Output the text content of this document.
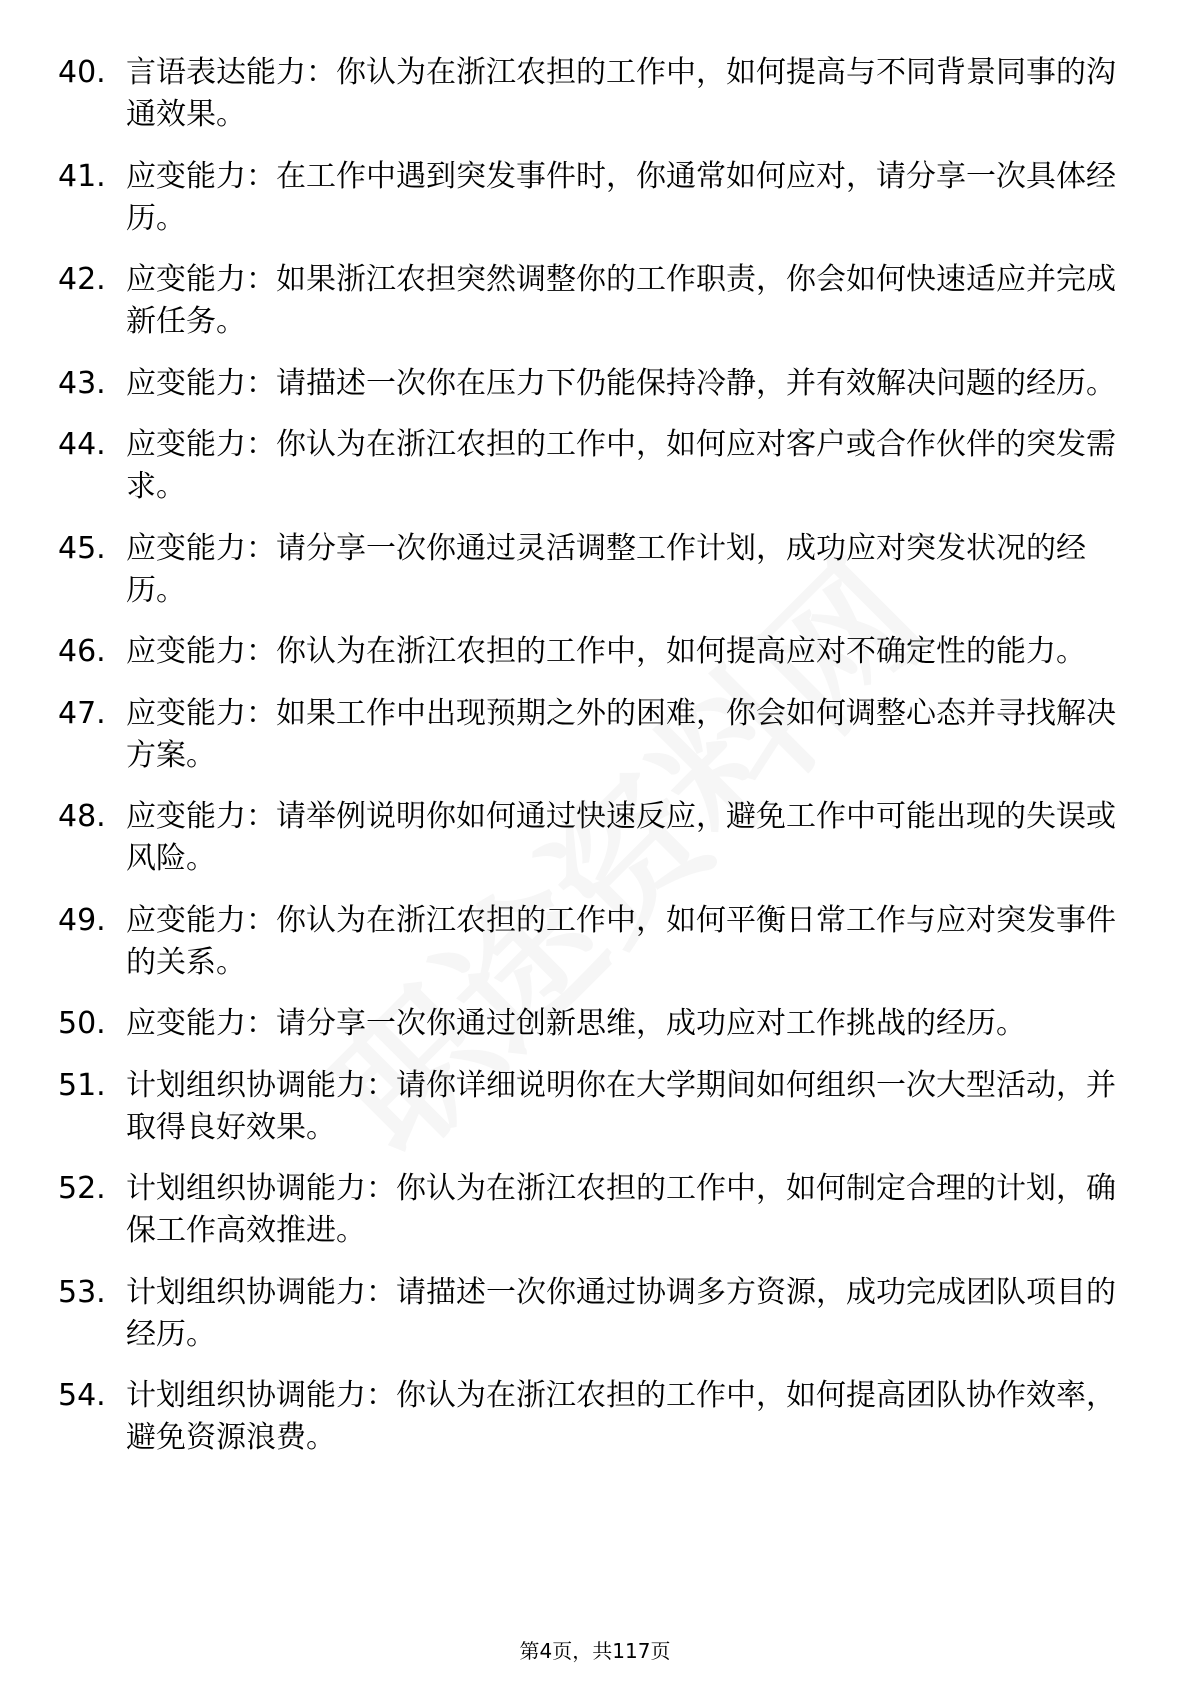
40. 言语表达能力：你认为在浙江农担的工作中，如何提高与不同背景同事的沟通效果。
41. 应变能力：在工作中遇到突发事件时，你通常如何应对，请分享一次具体经历。
42. 应变能力：如果浙江农担突然调整你的工作职责，你会如何快速适应并完成新任务。
43. 应变能力：请描述一次你在压力下仍能保持冷静，并有效解决问题的经历。
44. 应变能力：你认为在浙江农担的工作中，如何应对客户或合作伙伴的突发需求。
45. 应变能力：请分享一次你通过灵活调整工作计划，成功应对突发状况的经历。
46. 应变能力：你认为在浙江农担的工作中，如何提高应对不确定性的能力。
47. 应变能力：如果工作中出现预期之外的困难，你会如何调整心态并寻找解决方案。
48. 应变能力：请举例说明你如何通过快速反应，避免工作中可能出现的失误或风险。
49. 应变能力：你认为在浙江农担的工作中，如何平衡日常工作与应对突发事件的关系。
50. 应变能力：请分享一次你通过创新思维，成功应对工作挑战的经历。
51. 计划组织协调能力：请你详细说明你在大学期间如何组织一次大型活动，并取得良好效果。
52. 计划组织协调能力：你认为在浙江农担的工作中，如何制定合理的计划，确保工作高效推进。
53. 计划组织协调能力：请描述一次你通过协调多方资源，成功完成团队项目的经历。
54. 计划组织协调能力：你认为在浙江农担的工作中，如何提高团队协作效率，避免资源浪费。
第4页，共117页
